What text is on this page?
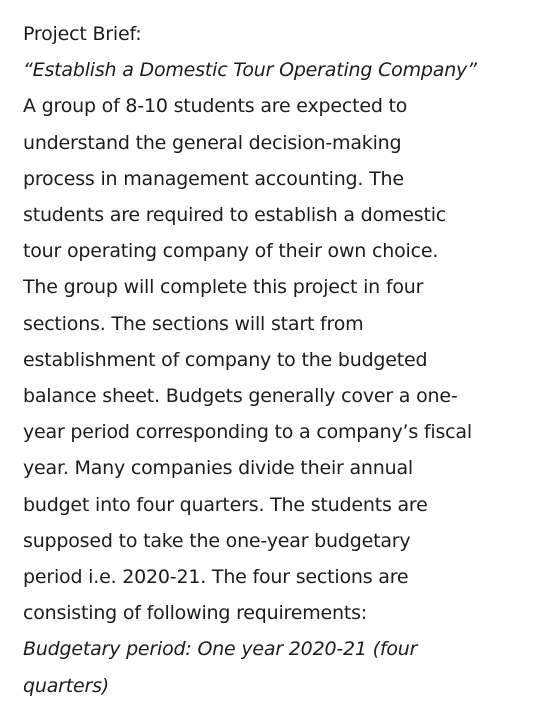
Project Brief:
“Establish a Domestic Tour Operating Company”
A group of 8-10 students are expected to
understand the general decision-making
process in management accounting. The
students are required to establish a domestic
tour operating company of their own choice.
The group will complete this project in four
sections. The sections will start from
establishment of company to the budgeted
balance sheet. Budgets generally cover a one-
year period corresponding to a company’s fiscal
year. Many companies divide their annual
budget into four quarters. The students are
supposed to take the one-year budgetary
period i.e. 2020-21. The four sections are
consisting of following requirements:
Budgetary period: One year 2020-21 (four
quarters)
